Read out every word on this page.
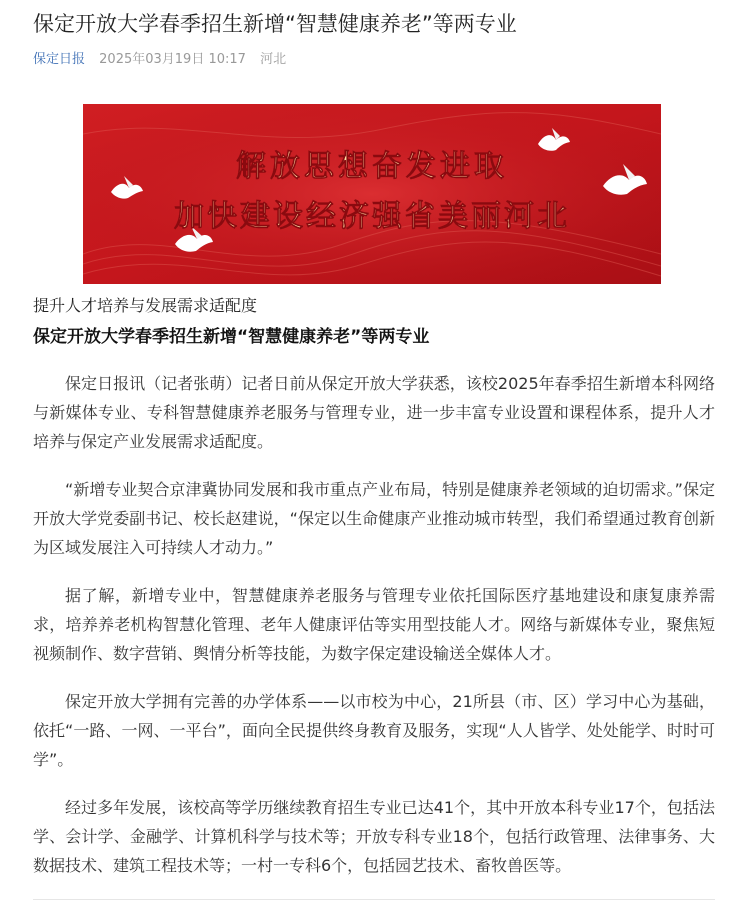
保定开放大学春季招生新增“智慧健康养老”等两专业
保定日报 2025年03月19日 10:17 河北
解放思想奋发进取
加快建设经济强省美丽河北
提升人才培养与发展需求适配度
保定开放大学春季招生新增“智慧健康养老”等两专业

保定日报讯（记者张萌）记者日前从保定开放大学获悉，该校2025年春季招生新增本科网络与新媒体专业、专科智慧健康养老服务与管理专业，进一步丰富专业设置和课程体系，提升人才培养与保定产业发展需求适配度。

“新增专业契合京津冀协同发展和我市重点产业布局，特别是健康养老领域的迫切需求。”保定开放大学党委副书记、校长赵建说，“保定以生命健康产业推动城市转型，我们希望通过教育创新为区域发展注入可持续人才动力。”

据了解，新增专业中，智慧健康养老服务与管理专业依托国际医疗基地建设和康复康养需求，培养养老机构智慧化管理、老年人健康评估等实用型技能人才。网络与新媒体专业，聚焦短视频制作、数字营销、舆情分析等技能，为数字保定建设输送全媒体人才。

保定开放大学拥有完善的办学体系——以市校为中心，21所县（市、区）学习中心为基础，依托“一路、一网、一平台”，面向全民提供终身教育及服务，实现“人人皆学、处处能学、时时可学”。

经过多年发展，该校高等学历继续教育招生专业已达41个，其中开放本科专业17个，包括法学、会计学、金融学、计算机科学与技术等；开放专科专业18个，包括行政管理、法律事务、大数据技术、建筑工程技术等；一村一专科6个，包括园艺技术、畜牧兽医等。
